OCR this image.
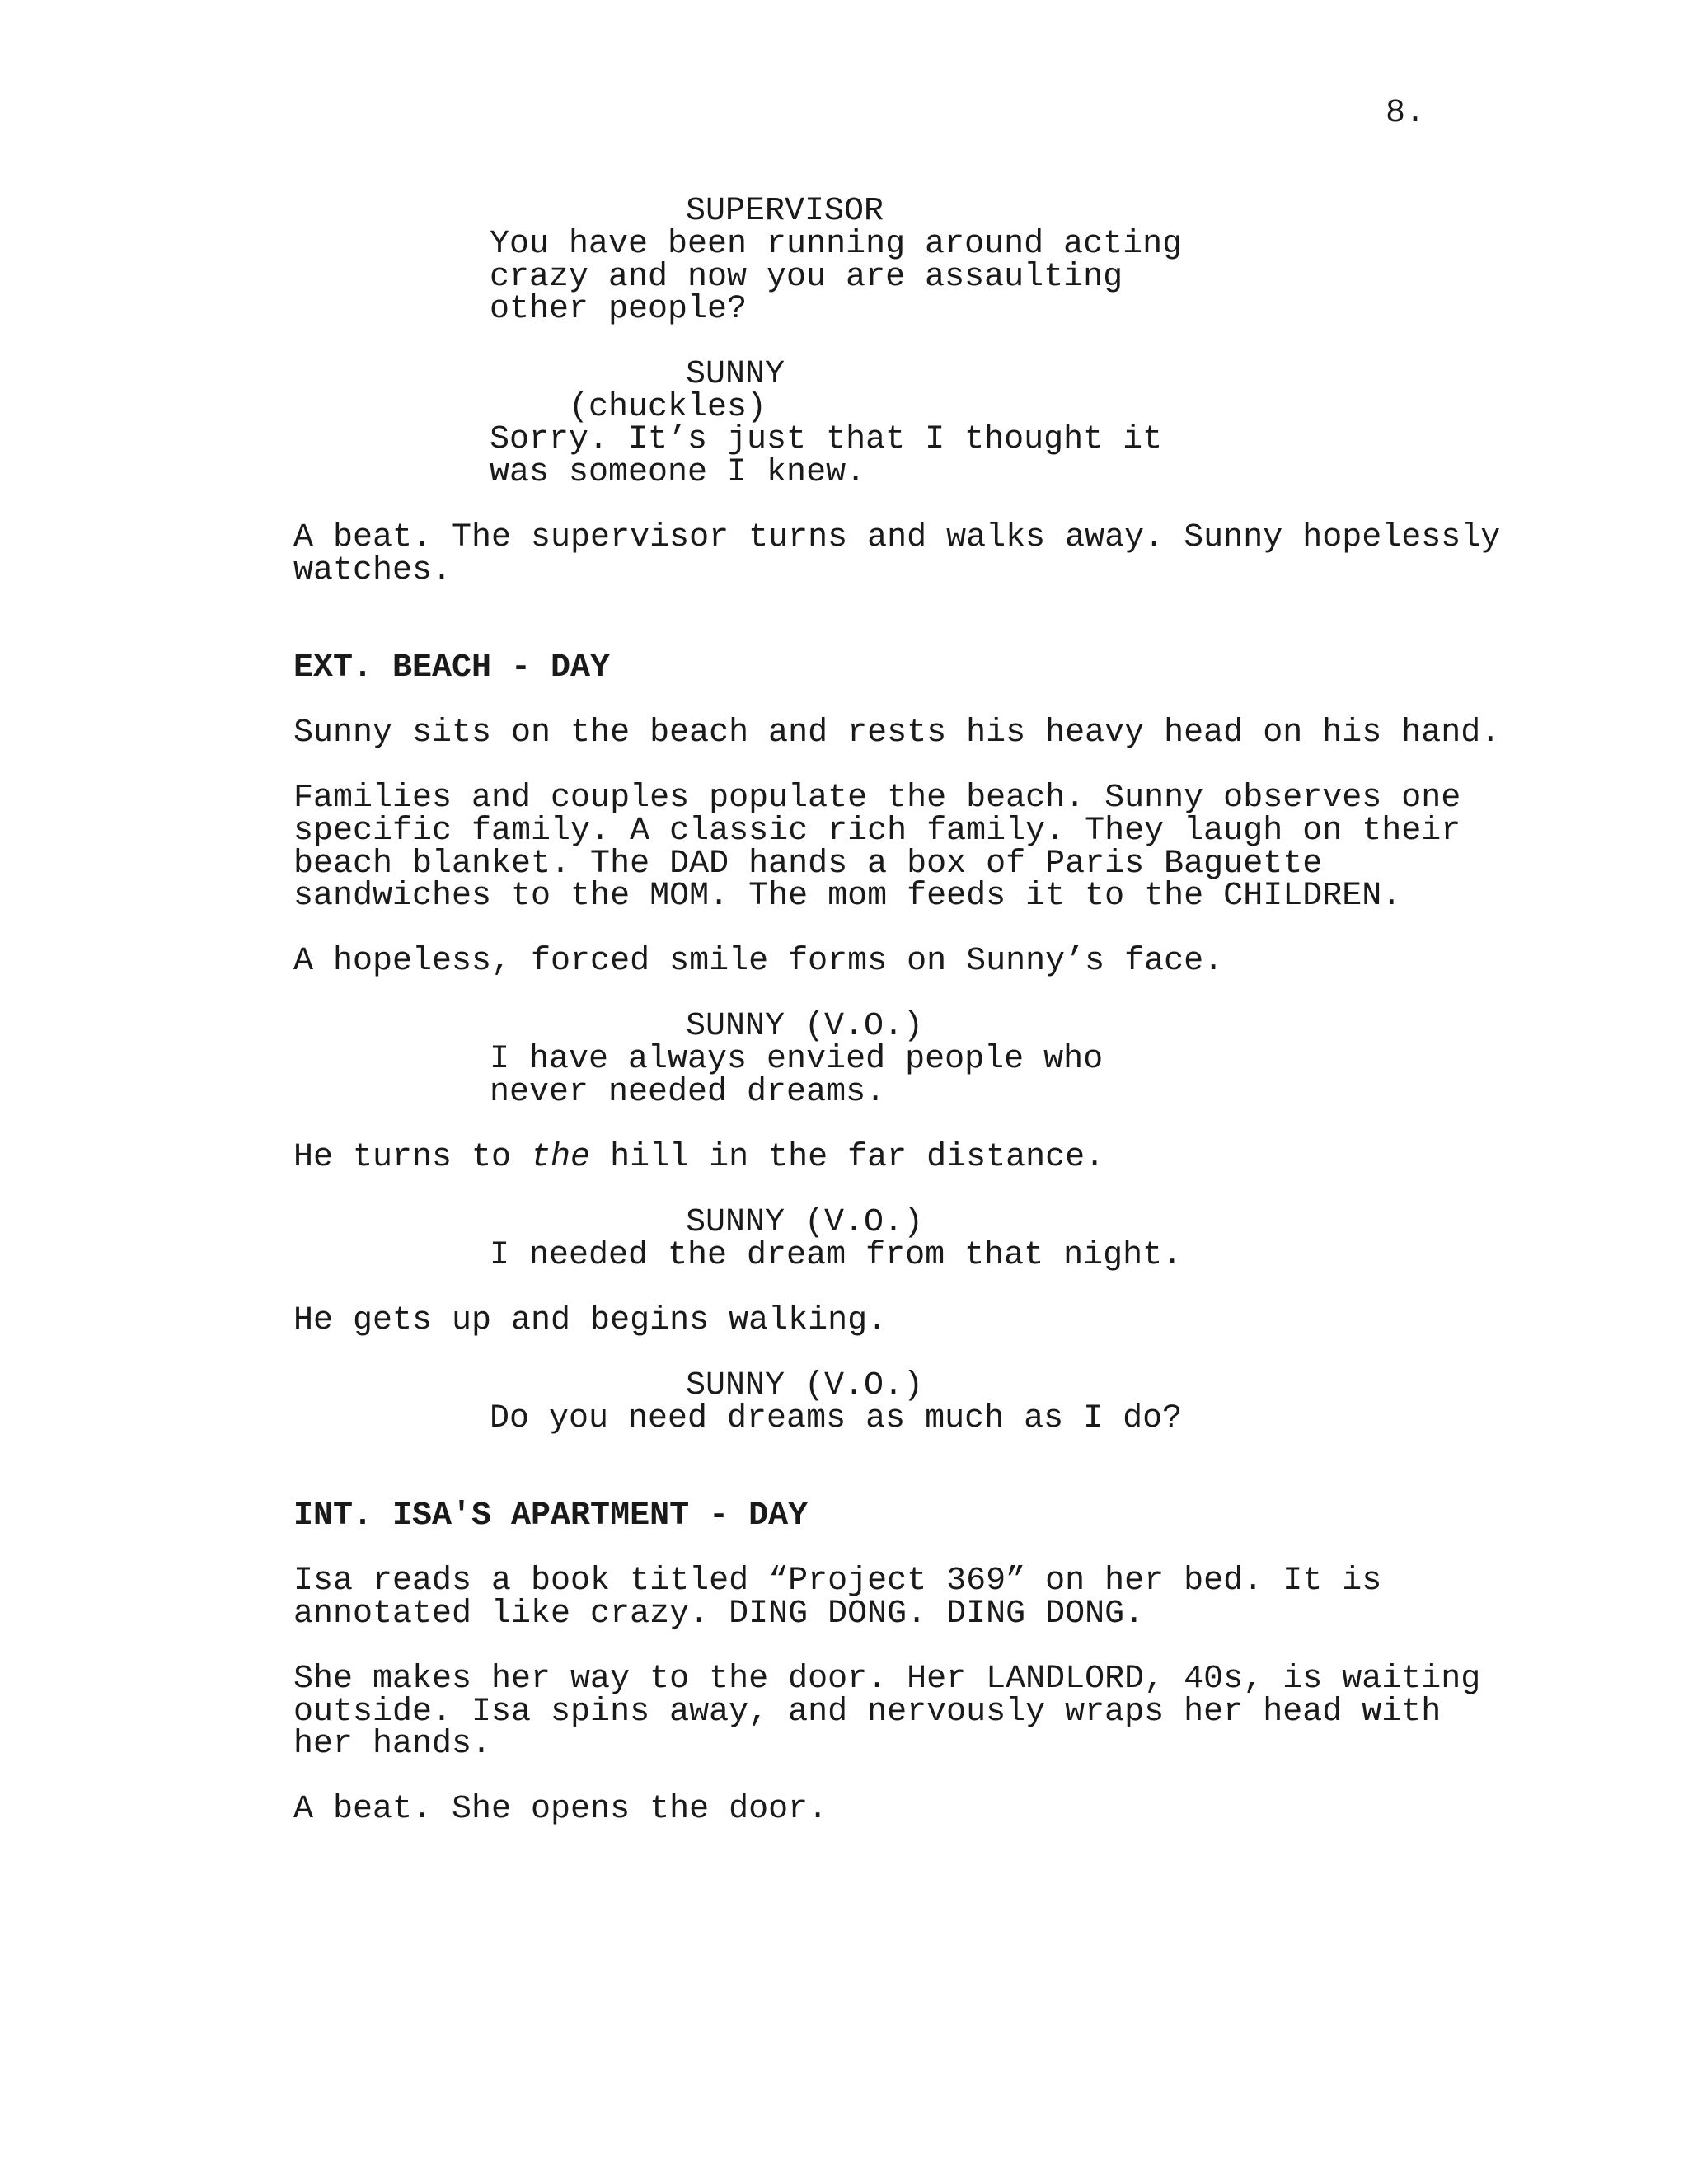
8.
SUPERVISOR
You have been running around acting
crazy and now you are assaulting
other people?
SUNNY
(chuckles)
Sorry. It’s just that I thought it
was someone I knew.
A beat. The supervisor turns and walks away. Sunny hopelessly
watches.
EXT. BEACH - DAY
Sunny sits on the beach and rests his heavy head on his hand.
Families and couples populate the beach. Sunny observes one
specific family. A classic rich family. They laugh on their
beach blanket. The DAD hands a box of Paris Baguette
sandwiches to the MOM. The mom feeds it to the CHILDREN.
A hopeless, forced smile forms on Sunny’s face.
SUNNY (V.O.)
I have always envied people who
never needed dreams.
He turns to the hill in the far distance.
SUNNY (V.O.)
I needed the dream from that night.
He gets up and begins walking.
SUNNY (V.O.)
Do you need dreams as much as I do?
INT. ISA'S APARTMENT - DAY
Isa reads a book titled “Project 369” on her bed. It is
annotated like crazy. DING DONG. DING DONG.
She makes her way to the door. Her LANDLORD, 40s, is waiting
outside. Isa spins away, and nervously wraps her head with
her hands.
A beat. She opens the door.
